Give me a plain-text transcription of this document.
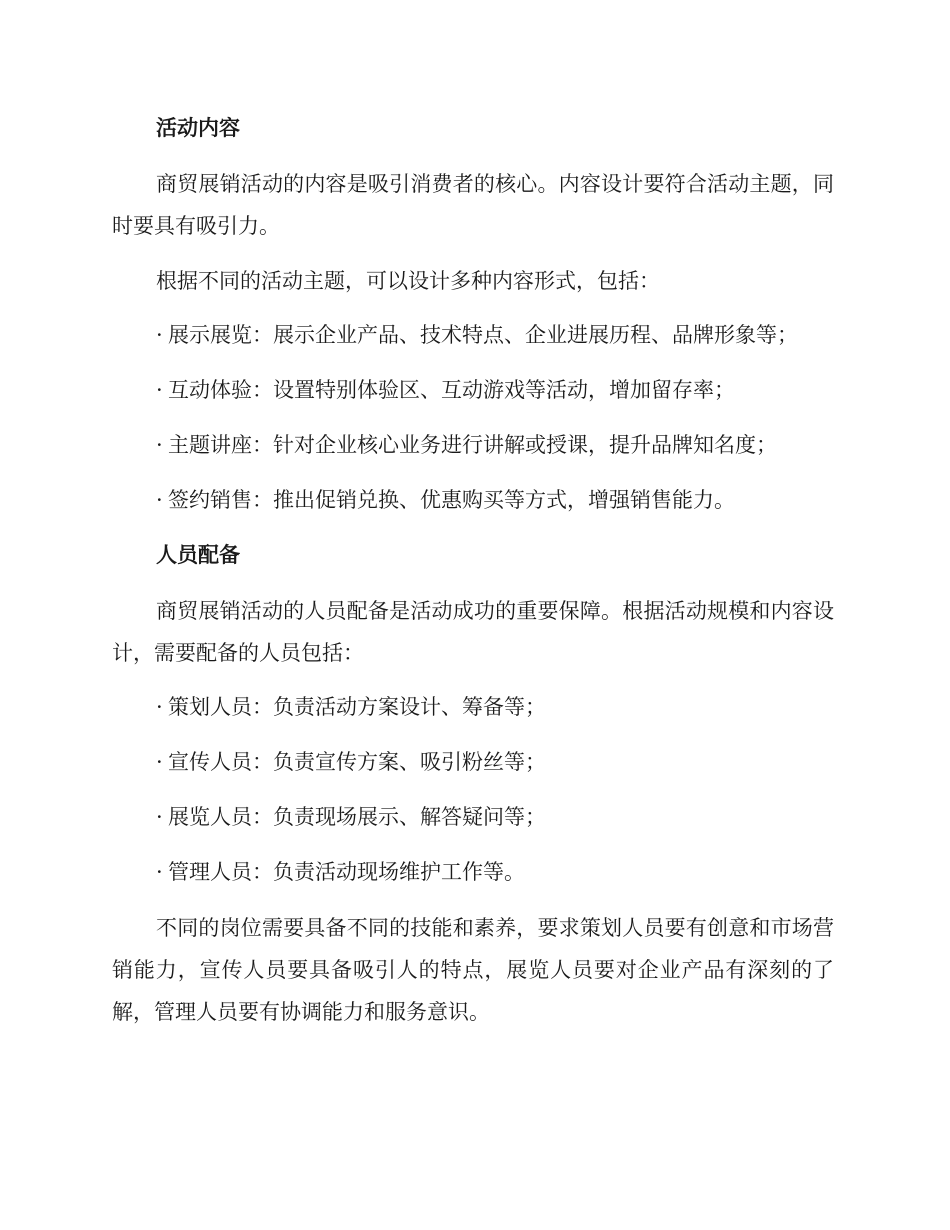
活动内容

商贸展销活动的内容是吸引消费者的核心。内容设计要符合活动主题，同时要具有吸引力。

根据不同的活动主题，可以设计多种内容形式，包括：

· 展示展览：展示企业产品、技术特点、企业进展历程、品牌形象等；
· 互动体验：设置特别体验区、互动游戏等活动，增加留存率；
· 主题讲座：针对企业核心业务进行讲解或授课，提升品牌知名度；
· 签约销售：推出促销兑换、优惠购买等方式，增强销售能力。
人员配备

商贸展销活动的人员配备是活动成功的重要保障。根据活动规模和内容设计，需要配备的人员包括：

· 策划人员：负责活动方案设计、筹备等；
· 宣传人员：负责宣传方案、吸引粉丝等；
· 展览人员：负责现场展示、解答疑问等；
· 管理人员：负责活动现场维护工作等。

不同的岗位需要具备不同的技能和素养，要求策划人员要有创意和市场营销能力，宣传人员要具备吸引人的特点，展览人员要对企业产品有深刻的了解，管理人员要有协调能力和服务意识。
